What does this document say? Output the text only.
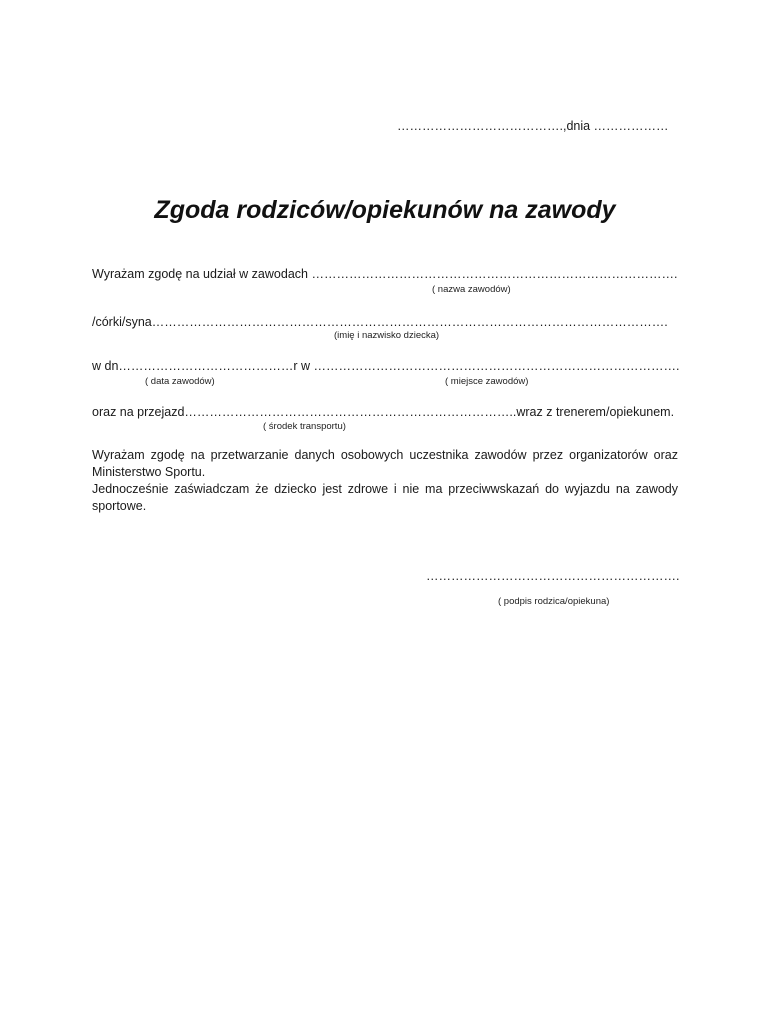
………………………………….,dnia ………………
Zgoda rodziców/opiekunów na zawody
Wyrażam zgodę na udział w zawodach …………………………………………………………………………….
( nazwa zawodów)
/córki/syna…………………………………………………………………………………………………………….
(imię i nazwisko dziecka)
w dn……………………………………r w …………………………………………………………………………….
( data zawodów)	( miejsce zawodów)
oraz na przejazd……………………………………………………………………..wraz z trenerem/opiekunem.
( środek transportu)
Wyrażam zgodę na przetwarzanie danych osobowych uczestnika zawodów przez organizatorów oraz Ministerstwo Sportu.
Jednocześnie zaświadczam że dziecko jest zdrowe i nie ma przeciwwskazań do wyjazdu na zawody sportowe.
…………………………………………………….
( podpis rodzica/opiekuna)
